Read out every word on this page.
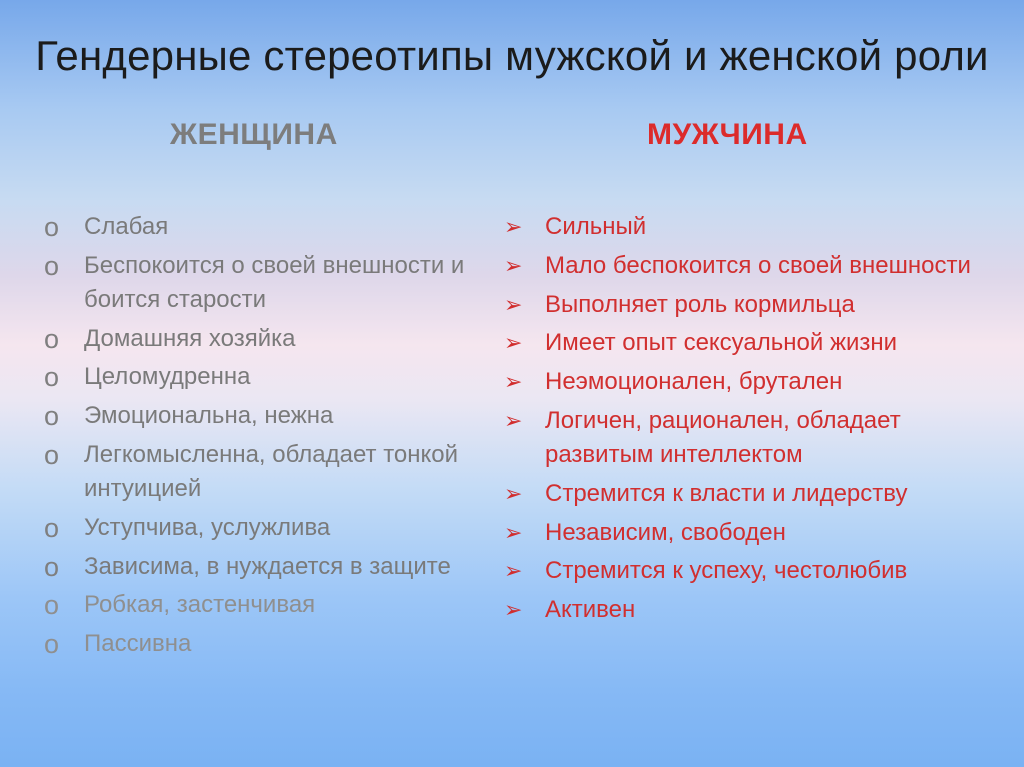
Гендерные стереотипы мужской и женской роли
ЖЕНЩИНА	МУЖЧИНА
o	Слабая
o	Беспокоится о своей внешности и боится старости
o	Домашняя хозяйка
o	Целомудренна
o	Эмоциональна, нежна
o	Легкомысленна, обладает тонкой интуицией
o	Уступчива, услужлива
o	Зависима, в нуждается в защите
o	Робкая, застенчивая
o	Пассивна
➢ Сильный
➢ Мало беспокоится о своей внешности
➢ Выполняет роль кормильца
➢ Имеет опыт сексуальной жизни
➢ Неэмоционален, брутален
➢ Логичен, рационален, обладает развитым интеллектом
➢ Стремится к власти и лидерству
➢ Независим, свободен
➢ Стремится к успеху, честолюбив
➢ Активен
